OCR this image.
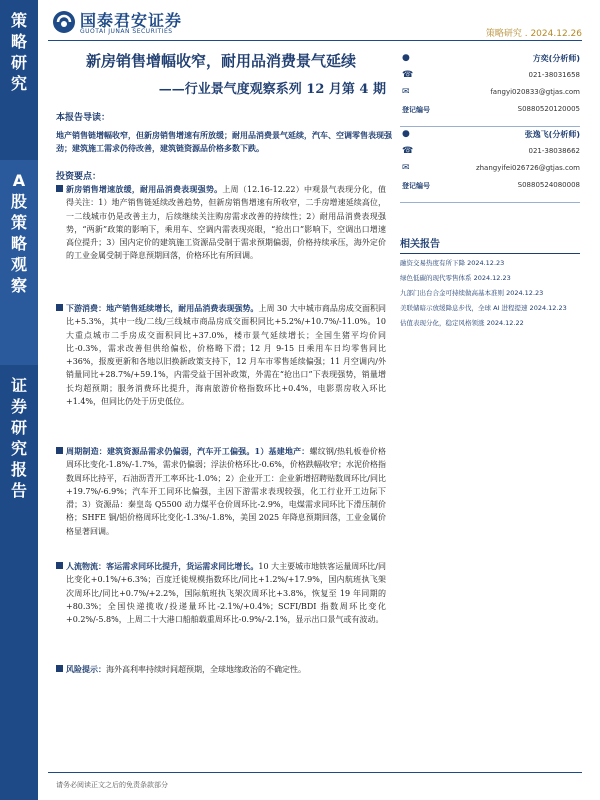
策
略
研
究
A
股
策
略
观
察
证
券
研
究
报
告
国泰君安证券
GUOTAI JUNAN SECURITIES	策略研究 . 2024.12.26
新房销售增幅收窄，耐用品消费景气延续
——行业景气度观察系列 12 月第 4 期
本报告导读：
地产销售链增幅收窄，但新房销售增速有所放缓；耐用品消费景气延续，汽车、空调零售表现强劲；建筑施工需求仍待改善，建筑链资源品价格多数下跌。
投资要点：

新房销售增速放缓，耐用品消费表现强势。上周（12.16-12.22）中观景气表现分化，值得关注：1）地产销售链延续改善趋势，但新房销售增速有所收窄，二手房增速延续高位，一二线城市仍是改善主力，后续继续关注购房需求改善的持续性；2）耐用品消费表现强势，“两新”政策的影响下，乘用车、空调内需表现亮眼，“抢出口”影响下，空调出口增速高位提升；3）国内定价的建筑施工资源品受制于需求预期偏弱，价格持续承压，海外定价的工业金属受制于降息预期回落，价格环比有所回调。

下游消费：地产销售延续增长，耐用品消费表现强势。上周 30 大中城市商品房成交面积同比+5.3%，其中一线/二线/三线城市商品房成交面积同比+5.2%/+10.7%/-11.0%。10 大重点城市二手房成交面积同比+37.0%，楼市景气延续增长；全国生猪平均价同比-0.3%，需求改善但供给偏松，价格略下滑；12 月 9-15 日乘用车日均零售同比+36%，报废更新和各地以旧换新政策支持下，12 月车市零售延续偏强；11 月空调内/外销量同比+28.7%/+59.1%，内需受益于国补政策，外需在“抢出口”下表现强势，销量增长均超预期；服务消费环比提升，海南旅游价格指数环比+0.4%，电影票房收入环比+1.4%，但同比仍处于历史低位。

周期制造：建筑资源品需求仍偏弱，汽车开工偏强。1）基建地产：螺纹钢/热轧板卷价格周环比变化-1.8%/-1.7%，需求仍偏弱；浮法价格环比-0.6%，价格跌幅收窄；水泥价格指数周环比持平，石油沥青开工率环比-1.0%；2）企业开工：企业新增招聘贴数周环比/同比+19.7%/-6.9%；汽车开工同环比偏强，主因下游需求表现较强，化工行业开工边际下滑；3）资源品：秦皇岛 Q5500 动力煤平仓价周环比-2.9%，电煤需求同环比下滑压制价格；SHFE 铜/铝价格周环比变化-1.3%/-1.8%，美国 2025 年降息预期回落，工业金属价格显著回调。

人流物流：客运需求同环比提升，货运需求同比增长。10 大主要城市地铁客运量周环比/同比变化+0.1%/+6.3%；百度迁徙规模指数环比/同比+1.2%/+17.9%，国内航班执飞架次周环比/同比+0.7%/+2.2%，国际航班执飞架次周环比+3.8%，恢复至 19 年同期的+80.3%；全国快递揽收/投递量环比-2.1%/+0.4%；SCFI/BDI 指数周环比变化+0.2%/-5.8%，上周二十大港口船舶载重周环比-0.9%/-2.1%，显示出口景气或有波动。

风险提示：海外高利率持续时间超预期，全球地缘政治的不确定性。

●	方奕(分析师)
☎	021-38031658
✉	fangyi020833@gtjas.com
登记编号	S0880520120005
●	张逸飞(分析师)
☎	021-38038662
✉	zhangyifei026726@gtjas.com
登记编号	S0880524080008
相关报告
融资交易热度有所下降 2024.12.23
绿色低碳的现代零售体系 2024.12.23
九部门出台合金可持续做高基本准则 2024.12.23
美联储暗示放缓降息步伐，全球 AI 进程提速 2024.12.23
估值表现分化，稳定风格领涨 2024.12.22
请务必阅读正文之后的免责条款部分
